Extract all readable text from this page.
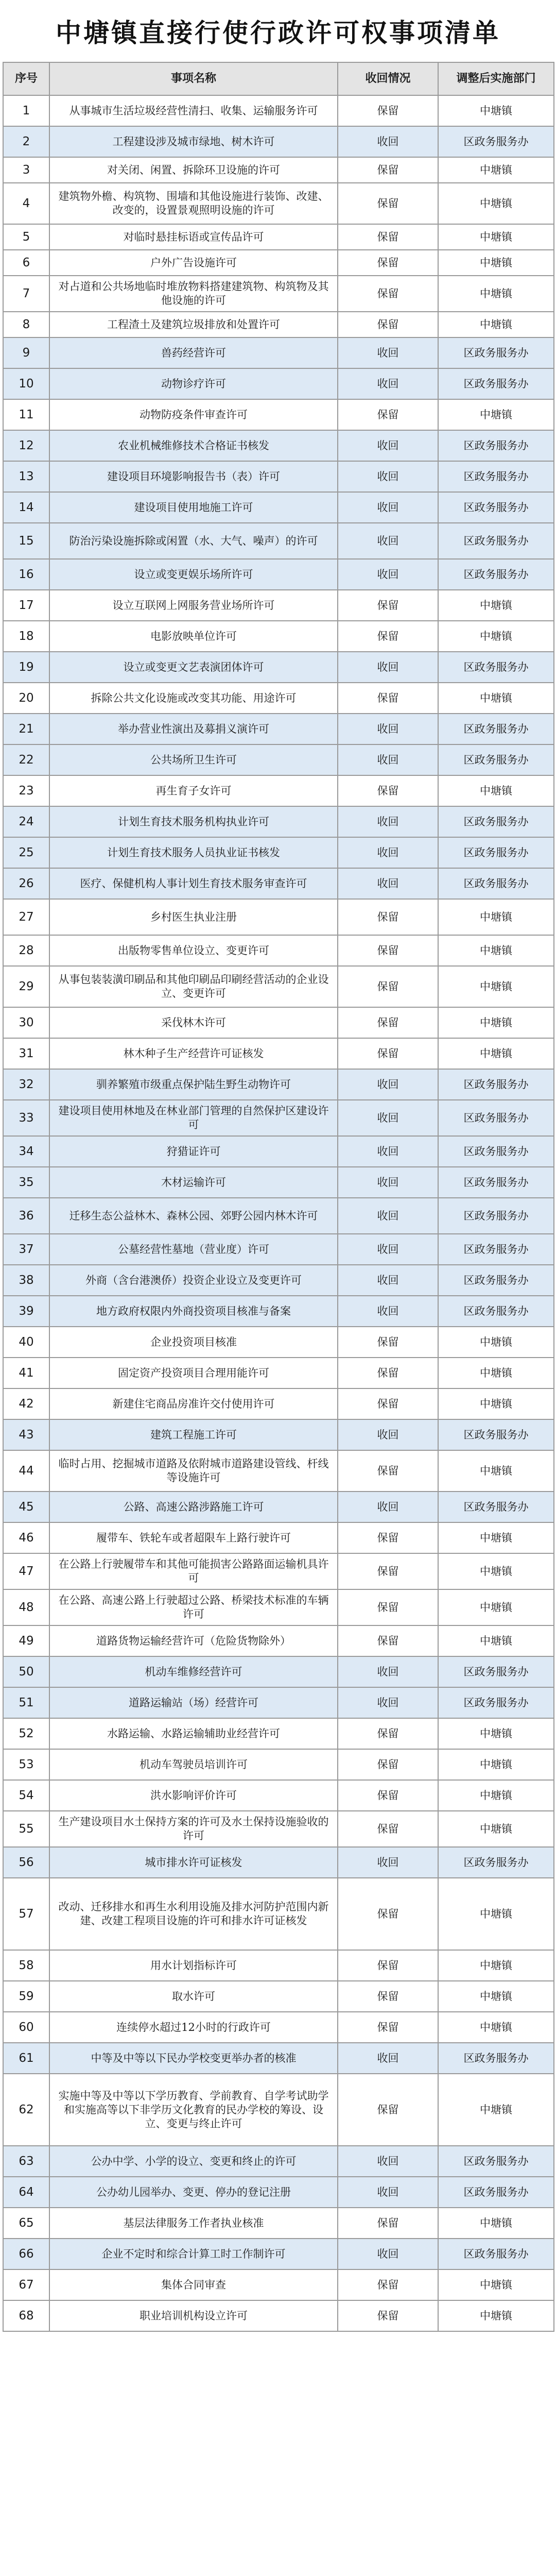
中塘镇直接行使行政许可权事项清单
序号	事项名称	收回情况	调整后实施部门
1	从事城市生活垃圾经营性清扫、收集、运输服务许可	保留	中塘镇
2	工程建设涉及城市绿地、树木许可	收回	区政务服务办
3	对关闭、闲置、拆除环卫设施的许可	保留	中塘镇
4	建筑物外檐、构筑物、围墙和其他设施进行装饰、改建、改变的，设置景观照明设施的许可	保留	中塘镇
5	对临时悬挂标语或宣传品许可	保留	中塘镇
6	户外广告设施许可	保留	中塘镇
7	对占道和公共场地临时堆放物料搭建建筑物、构筑物及其他设施的许可	保留	中塘镇
8	工程渣土及建筑垃圾排放和处置许可	保留	中塘镇
9	兽药经营许可	收回	区政务服务办
10	动物诊疗许可	收回	区政务服务办
11	动物防疫条件审查许可	保留	中塘镇
12	农业机械维修技术合格证书核发	收回	区政务服务办
13	建设项目环境影响报告书（表）许可	收回	区政务服务办
14	建设项目使用地施工许可	收回	区政务服务办
15	防治污染设施拆除或闲置（水、大气、噪声）的许可	收回	区政务服务办
16	设立或变更娱乐场所许可	收回	区政务服务办
17	设立互联网上网服务营业场所许可	保留	中塘镇
18	电影放映单位许可	保留	中塘镇
19	设立或变更文艺表演团体许可	收回	区政务服务办
20	拆除公共文化设施或改变其功能、用途许可	保留	中塘镇
21	举办营业性演出及募捐义演许可	收回	区政务服务办
22	公共场所卫生许可	收回	区政务服务办
23	再生育子女许可	保留	中塘镇
24	计划生育技术服务机构执业许可	收回	区政务服务办
25	计划生育技术服务人员执业证书核发	收回	区政务服务办
26	医疗、保健机构人事计划生育技术服务审查许可	收回	区政务服务办
27	乡村医生执业注册	保留	中塘镇
28	出版物零售单位设立、变更许可	保留	中塘镇
29	从事包装装潢印刷品和其他印刷品印刷经营活动的企业设立、变更许可	保留	中塘镇
30	采伐林木许可	保留	中塘镇
31	林木种子生产经营许可证核发	保留	中塘镇
32	驯养繁殖市级重点保护陆生野生动物许可	收回	区政务服务办
33	建设项目使用林地及在林业部门管理的自然保护区建设许可	收回	区政务服务办
34	狩猎证许可	收回	区政务服务办
35	木材运输许可	收回	区政务服务办
36	迁移生态公益林木、森林公园、郊野公园内林木许可	收回	区政务服务办
37	公墓经营性墓地（营业度）许可	收回	区政务服务办
38	外商（含台港澳侨）投资企业设立及变更许可	收回	区政务服务办
39	地方政府权限内外商投资项目核准与备案	收回	区政务服务办
40	企业投资项目核准	保留	中塘镇
41	固定资产投资项目合理用能许可	保留	中塘镇
42	新建住宅商品房准许交付使用许可	保留	中塘镇
43	建筑工程施工许可	收回	区政务服务办
44	临时占用、挖掘城市道路及依附城市道路建设管线、杆线等设施许可	保留	中塘镇
45	公路、高速公路涉路施工许可	收回	区政务服务办
46	履带车、铁轮车或者超限车上路行驶许可	保留	中塘镇
47	在公路上行驶履带车和其他可能损害公路路面运输机具许可	保留	中塘镇
48	在公路、高速公路上行驶超过公路、桥梁技术标准的车辆许可	保留	中塘镇
49	道路货物运输经营许可（危险货物除外）	保留	中塘镇
50	机动车维修经营许可	收回	区政务服务办
51	道路运输站（场）经营许可	收回	区政务服务办
52	水路运输、水路运输辅助业经营许可	保留	中塘镇
53	机动车驾驶员培训许可	保留	中塘镇
54	洪水影响评价许可	保留	中塘镇
55	生产建设项目水土保持方案的许可及水土保持设施验收的许可	保留	中塘镇
56	城市排水许可证核发	收回	区政务服务办
57	改动、迁移排水和再生水利用设施及排水河防护范围内新建、改建工程项目设施的许可和排水许可证核发	保留	中塘镇
58	用水计划指标许可	保留	中塘镇
59	取水许可	保留	中塘镇
60	连续停水超过12小时的行政许可	保留	中塘镇
61	中等及中等以下民办学校变更举办者的核准	收回	区政务服务办
62	实施中等及中等以下学历教育、学前教育、自学考试助学和实施高等以下非学历文化教育的民办学校的筹设、设立、变更与终止许可	保留	中塘镇
63	公办中学、小学的设立、变更和终止的许可	收回	区政务服务办
64	公办幼儿园举办、变更、停办的登记注册	收回	区政务服务办
65	基层法律服务工作者执业核准	保留	中塘镇
66	企业不定时和综合计算工时工作制许可	收回	区政务服务办
67	集体合同审查	保留	中塘镇
68	职业培训机构设立许可	保留	中塘镇
